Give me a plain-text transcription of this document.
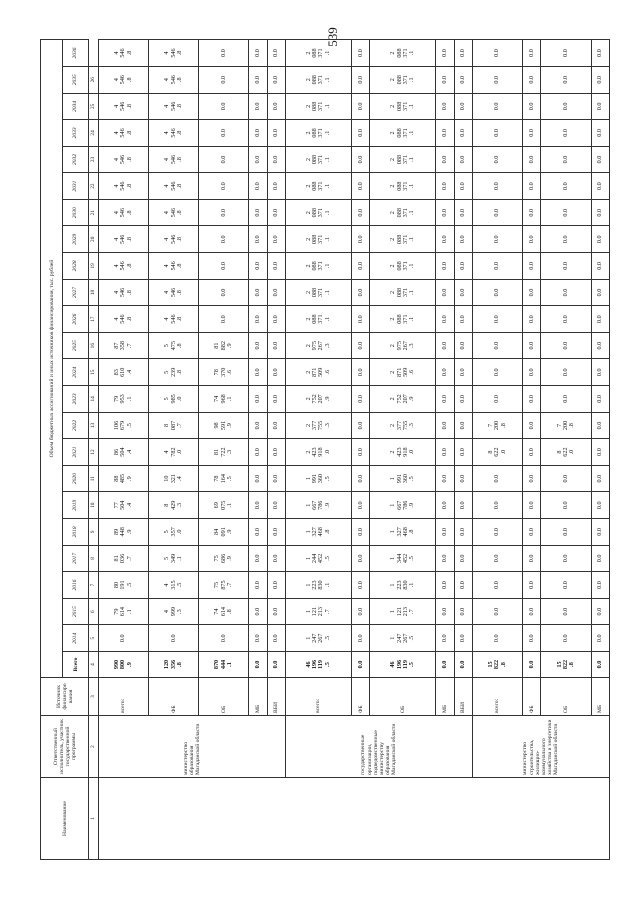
539
Наименование	Ответственный исполнитель, участник государственной программы	Источник финансиро вания	Объем бюджетных ассигнований и иных источников финансирования, тыс. рублей																							
			Всего	2014	2015	2016	2017	2018	2019	2020	2021	2022	2023	2024	2025	2026	2027	2028	2029	2030	2031	2032	2033	2034	2035	2036
1	2	3	4	5	6	7	8	9	10	11	12	13	14	15	16	17	18	19	20	21	22	23	24	25	26	
	министерство образования Магаданской области	всего:	990
800
.9	0.0	79
614
.1	80
191
.5	81
036
.7	89
448
.9	77
504
.4	88
485
.9	86
504
.4	106
679
.5	79
953
.1	83
610
.4	87
358
.7	4
546
.8	4
546
.8	4
546
.8	4
546
.8	4
546
.8	4
546
.8	4
546
.8	4
546
.8	4
546
.8	4
546
.8	4
546
.8
		ФБ	120
356
.8	0.0	4
999
.3	4
315
.5	5
349
.1	5
357
.0	8
429
.3	10
321
.4	4
782
.0	8
087
.7	5
985
.0	5
239
.8	5
475
.8	4
546
.8	4
546
.8	4
546
.8	4
546
.8	4
546
.8	4
546
.8	4
546
.8	4
546
.8	4
546
.8	4
546
.8	4
546
.8
		ОБ	870
444
.1	0.0	74
614
.8	75
875
.7	75
686
.9	84
091
.9	69
075
.1	78
164
.5	81
722
.3	98
591
.9	74
968
.1	78
370
.6	81
882
.9	0.0	0.0	0.0	0.0	0.0	0.0	0.0	0.0	0.0	0.0	0.0
		МБ	0.0	0.0	0.0	0.0	0.0	0.0	0.0	0.0	0.0	0.0	0.0	0.0	0.0	0.0	0.0	0.0	0.0	0.0	0.0	0.0	0.0	0.0	0.0	0.0
		ВБИ	0.0	0.0	0.0	0.0	0.0	0.0	0.0	0.0	0.0	0.0	0.0	0.0	0.0	0.0	0.0	0.0	0.0	0.0	0.0	0.0	0.0	0.0	0.0	0.0
	государственные организации, подведомственные министерству образования Магаданской области	всего:	46
196
119
.5	1
247
267
.5	1
121
213
.7	1
223
830
.1	1
244
452
.5	1
327
468
.8	1
667
786
.9	1
991
360
.5	2
423
918
.0	2
377
755
.3	2
752
207
.9	2
871
509
.6	2
975
267
.3	2
088
371
.1	2
088
371
.1	2
088
371
.1	2
088
371
.1	2
088
371
.1	2
088
371
.1	2
088
371
.1	2
088
371
.1	2
088
371
.1	2
088
371
.1	2
088
371
.1
		ФБ	0.0	0.0	0.0	0.0	0.0	0.0	0.0	0.0	0.0	0.0	0.0	0.0	0.0	0.0	0.0	0.0	0.0	0.0	0.0	0.0	0.0	0.0	0.0	0.0
		ОБ	46
196
119
.5	1
247
267
.5	1
121
213
.7	1
223
830
.1	1
344
452
.5	1
327
468
.8	1
667
786
.9	1
991
360
.5	2
423
918
.0	2
377
755
.3	2
752
207
.9	2
871
509
.6	2
975
267
.3	2
088
371
.1	2
088
371
.1	2
088
371
.1	2
088
371
.1	2
088
371
.1	2
088
371
.1	2
088
371
.1	2
088
371
.1	2
088
371
.1	2
088
371
.1	2
088
371
.1
		МБ	0.0	0.0	0.0	0.0	0.0	0.0	0.0	0.0	0.0	0.0	0.0	0.0	0.0	0.0	0.0	0.0	0.0	0.0	0.0	0.0	0.0	0.0	0.0	0.0
		ВБИ	0.0	0.0	0.0	0.0	0.0	0.0	0.0	0.0	0.0	0.0	0.0	0.0	0.0	0.0	0.0	0.0	0.0	0.0	0.0	0.0	0.0	0.0	0.0	0.0
	министерство строительства, жилищно-коммунального хозяйства и энергетики Магаданской области	всего:	15
822
.8	0.0	0.0	0.0	0.0	0.0	0.0	0.0	8
622
.0	7
200
.8	0.0	0.0	0.0	0.0	0.0	0.0	0.0	0.0	0.0	0.0	0.0	0.0	0.0	0.0
		ФБ	0.0	0.0	0.0	0.0	0.0	0.0	0.0	0.0	0.0	0.0	0.0	0.0	0.0	0.0	0.0	0.0	0.0	0.0	0.0	0.0	0.0	0.0	0.0	0.0
		ОБ	15
822
.8	0.0	0.0	0.0	0.0	0.0	0.0	0.0	8
622
.0	7
200
.8	0.0	0.0	0.0	0.0	0.0	0.0	0.0	0.0	0.0	0.0	0.0	0.0	0.0	0.0
		МБ	0.0	0.0	0.0	0.0	0.0	0.0	0.0	0.0	0.0	0.0	0.0	0.0	0.0	0.0	0.0	0.0	0.0	0.0	0.0	0.0	0.0	0.0	0.0	0.0
